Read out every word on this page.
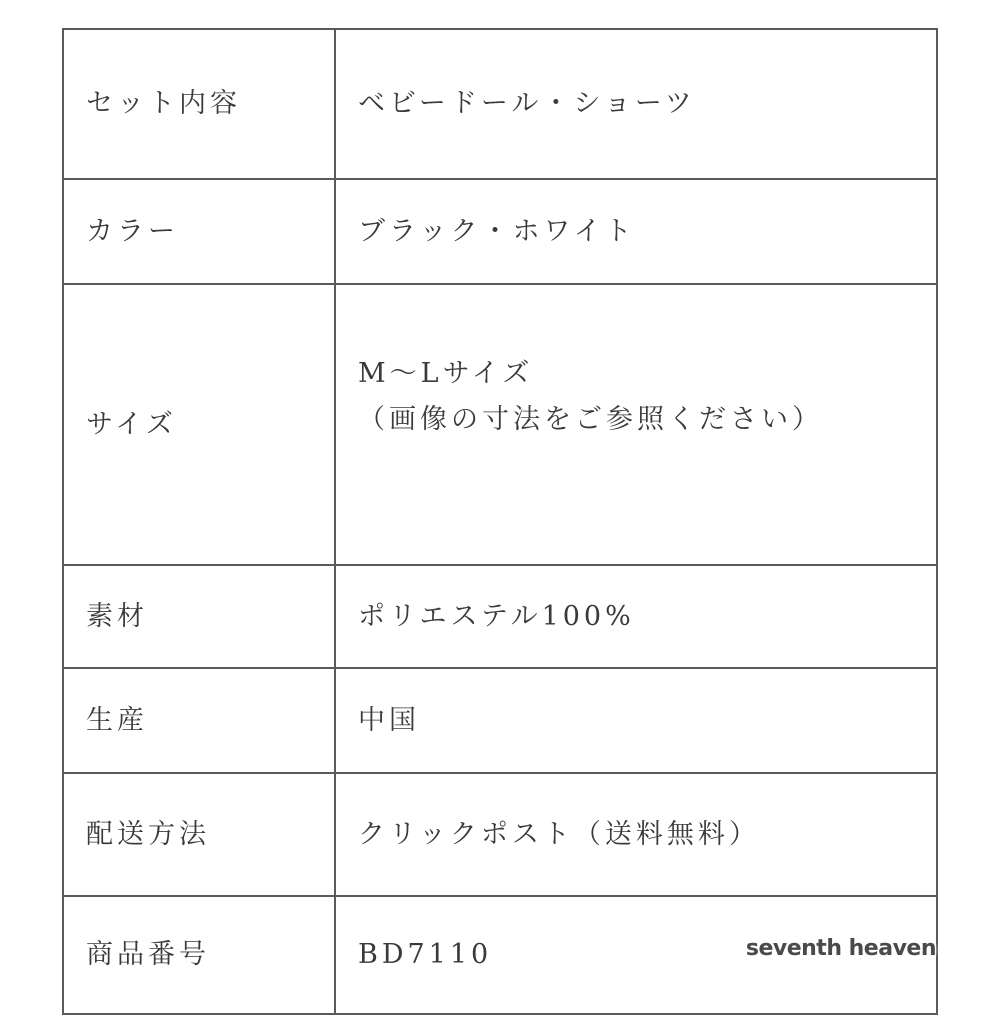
セット内容	ベビードール・ショーツ

カラー	ブラック・ホワイト

サイズ	M～Lサイズ
（画像の寸法をご参照ください）

素材	ポリエステル100%

生産	中国

配送方法	クリックポスト（送料無料）

商品番号	BD7110	seventh heaven
